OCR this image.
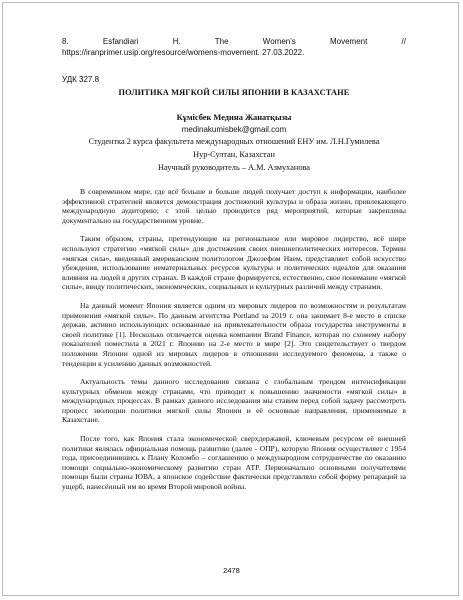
8. Esfandiari H. The Women's Movement //

https://iranprimer.usip.org/resource/womens-movement. 27.03.2022.

УДК 327.8
ПОЛИТИКА МЯГКОЙ СИЛЫ ЯПОНИИ В КАЗАХСТАНЕ
Кұмісбек Медина Жанатқызы
medinakumisbek@gmail.com
Студентка 2 курса факультета международных отношений ЕНУ им. Л.Н.Гумилева
Нур-Султан, Казахстан
Научный руководитель – А.М. Азмуханова

В современном мире, где всё больше и больше людей получает доступ к информации, наиболее эффективной стратегией является демонстрация достижений культуры и образа жизни, привлекающего международную аудиторию; с этой целью проводится ряд мероприятий, которые закреплены документально на государственном уровне.

Таким образом, страны, претендующие на региональное или мировое лидерство, всё шире используют стратегию «мягкой силы» для достижения своих внешнеполитических интересов. Термин «мягкая сила», введенный американским политологом Джозефом Наем, представляет собой искусство убеждения, использование нематериальных ресурсов культуры и политических идеалов для оказания влияния на людей в других странах. В каждой стране формируется, естественно, свое понимание «мягкой силы», ввиду политических, экономических, социальных и культурных различий между странами.

На данный момент Япония является одним из мировых лидеров по возможностям и результатам применения «мягкой силы». По данным агентства Portland за 2019 г. она занимает 8-е место в списке держав, активно использующих основанные на привлекательности образа государства инструменты в своей политике [1]. Несколько отличается оценка компании Brand Finance, которая по схожему набору показателей поместила в 2021 г. Японию на 2-е место в мире [2]. Это свидетельствует о твердом положении Японии одной из мировых лидеров в отношении исследуемого феномена, а также о тенденции к усилению данных возможностей.

Актуальность темы данного исследования связана с глобальным трендом интенсификации культурных обменов между странами, что приводит к повышению значимости «мягкой силы» в международных процессах. В рамках данного исследования мы ставим перед собой задачу рассмотреть процесс эволюции политики мягкой силы Японии и её основные направления, применяемые в Казахстане.

После того, как Япония стала экономической сверхдержавой, ключевым ресурсом её внешней политики являлась официальная помощь развитию (далее - ОПР), которую Япония осуществляет с 1954 года, присоединившись к Плану Коломбо – соглашению о международном сотрудничестве по оказанию помощи социально-экономическому развитию стран АТР. Первоначально основными получателями помощи были страны ЮВА, а японское содействие фактически представляло собой форму репараций за ущерб, нанесённый им во время Второй мировой войны.

2478
